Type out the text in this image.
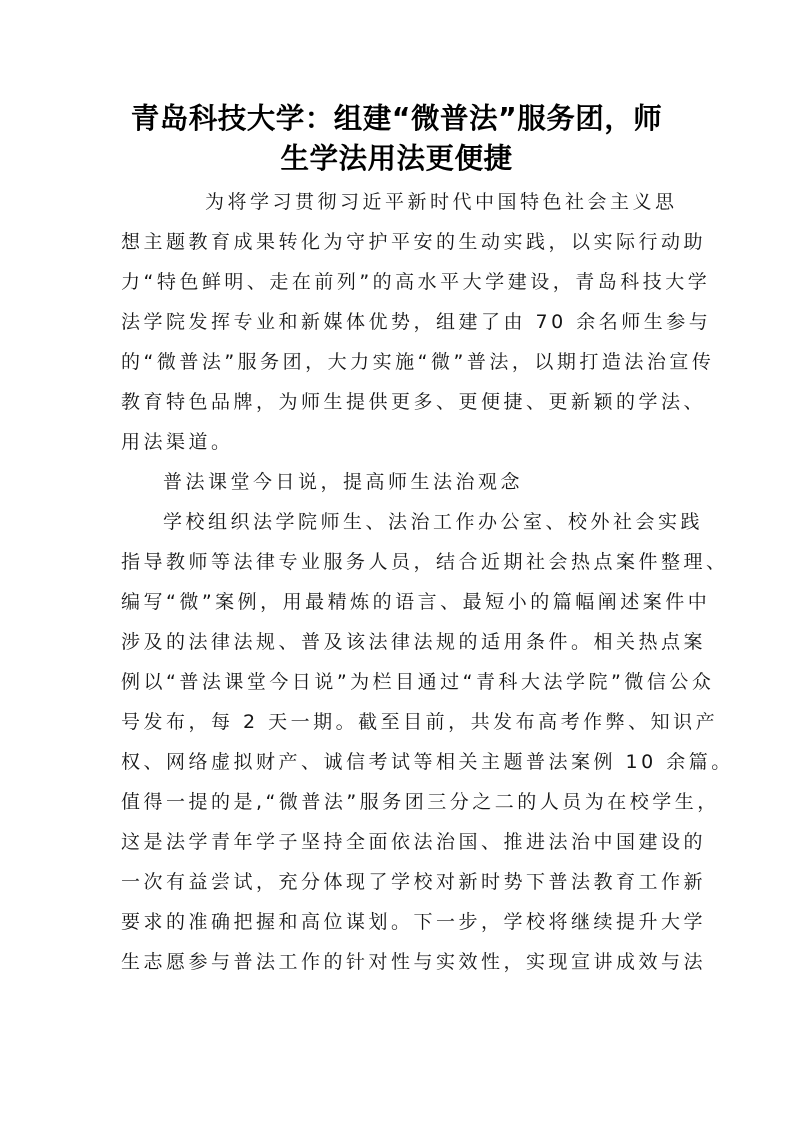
青岛科技大学：组建“微普法”服务团，师
生学法用法更便捷

为将学习贯彻习近平新时代中国特色社会主义思
想主题教育成果转化为守护平安的生动实践，以实际行动助
力“特色鲜明、走在前列”的高水平大学建设，青岛科技大学
法学院发挥专业和新媒体优势，组建了由 70 余名师生参与
的“微普法”服务团，大力实施“微”普法，以期打造法治宣传
教育特色品牌，为师生提供更多、更便捷、更新颖的学法、
用法渠道。

普法课堂今日说，提高师生法治观念

学校组织法学院师生、法治工作办公室、校外社会实践
指导教师等法律专业服务人员，结合近期社会热点案件整理、
编写“微”案例，用最精炼的语言、最短小的篇幅阐述案件中
涉及的法律法规、普及该法律法规的适用条件。相关热点案
例以“普法课堂今日说”为栏目通过“青科大法学院”微信公众
号发布，每 2 天一期。截至目前，共发布高考作弊、知识产
权、网络虚拟财产、诚信考试等相关主题普法案例 10 余篇。
值得一提的是,“微普法”服务团三分之二的人员为在校学生，
这是法学青年学子坚持全面依法治国、推进法治中国建设的
一次有益尝试，充分体现了学校对新时势下普法教育工作新
要求的准确把握和高位谋划。下一步，学校将继续提升大学
生志愿参与普法工作的针对性与实效性，实现宣讲成效与法
